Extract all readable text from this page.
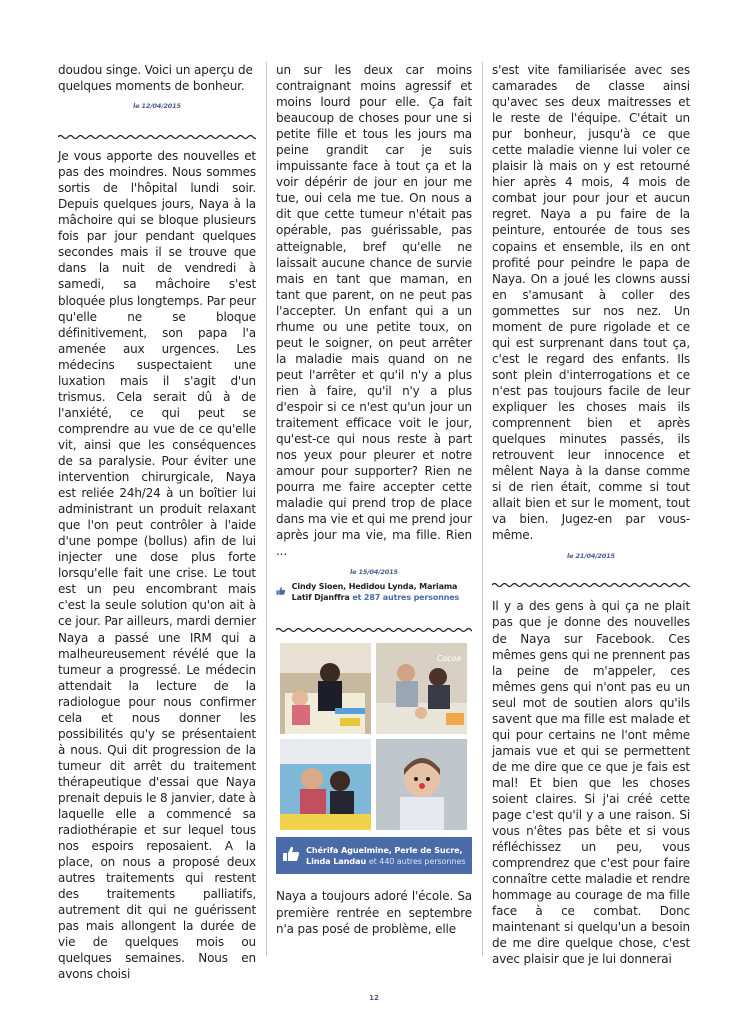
doudou singe. Voici un aperçu de quelques moments de bonheur.

le 12/04/2015

Je vous apporte des nouvelles et pas des moindres. Nous sommes sortis de l'hôpital lundi soir. Depuis quelques jours, Naya à la mâchoire qui se bloque plusieurs fois par jour pendant quelques secondes mais il se trouve que dans la nuit de vendredi à samedi, sa mâchoire s'est bloquée plus longtemps. Par peur qu'elle ne se bloque définitivement, son papa l'a amenée aux urgences. Les médecins suspectaient une luxation mais il s'agit d'un trismus. Cela serait dû à de l'anxiété, ce qui peut se comprendre au vue de ce qu'elle vit, ainsi que les conséquences de sa paralysie. Pour éviter une intervention chirurgicale, Naya est reliée 24h/24 à un boîtier lui administrant un produit relaxant que l'on peut contrôler à l'aide d'une pompe (bollus) afin de lui injecter une dose plus forte lorsqu'elle fait une crise. Le tout est un peu encombrant mais c'est la seule solution qu'on ait à ce jour. Par ailleurs, mardi dernier Naya a passé une IRM qui a malheureusement révélé que la tumeur a progressé. Le médecin attendait la lecture de la radiologue pour nous confirmer cela et nous donner les possibilités qu'y se présentaient à nous. Qui dit progression de la tumeur dit arrêt du traitement thérapeutique d'essai que Naya prenait depuis le 8 janvier, date à laquelle elle a commencé sa radiothérapie et sur lequel tous nos espoirs reposaient. A la place, on nous a proposé deux autres traitements qui restent des traitements palliatifs, autrement dit qui ne guérissent pas mais allongent la durée de vie de quelques mois ou quelques semaines. Nous en avons choisi

un sur les deux car moins contraignant moins agressif et moins lourd pour elle. Ça fait beaucoup de choses pour une si petite fille et tous les jours ma peine grandit car je suis impuissante face à tout ça et la voir dépérir de jour en jour me tue, oui cela me tue. On nous a dit que cette tumeur n'était pas opérable, pas guérissable, pas atteignable, bref qu'elle ne laissait aucune chance de survie mais en tant que maman, en tant que parent, on ne peut pas l'accepter. Un enfant qui a un rhume ou une petite toux, on peut le soigner, on peut arrêter la maladie mais quand on ne peut l'arrêter et qu'il n'y a plus rien à faire, qu'il n'y a plus d'espoir si ce n'est qu'un jour un traitement efficace voit le jour, qu'est-ce qui nous reste à part nos yeux pour pleurer et notre amour pour supporter? Rien ne pourra me faire accepter cette maladie qui prend trop de place dans ma vie et qui me prend jour après jour ma vie, ma fille. Rien ...

le 15/04/2015
Cindy Sioen, Hedidou Lynda, Mariama Latif Djanffra et 287 autres personnes
Cocoa
Chérifa Aguelmine, Perle de Sucre, Linda Landau et 440 autres personnes

Naya a toujours adoré l'école. Sa première rentrée en septembre n'a pas posé de problème, elle

s'est vite familiarisée avec ses camarades de classe ainsi qu'avec ses deux maitresses et le reste de l'équipe. C'était un pur bonheur, jusqu'à ce que cette maladie vienne lui voler ce plaisir là mais on y est retourné hier après 4 mois, 4 mois de combat jour pour jour et aucun regret. Naya a pu faire de la peinture, entourée de tous ses copains et ensemble, ils en ont profité pour peindre le papa de Naya. On a joué les clowns aussi en s'amusant à coller des gommettes sur nos nez. Un moment de pure rigolade et ce qui est surprenant dans tout ça, c'est le regard des enfants. Ils sont plein d'interrogations et ce n'est pas toujours facile de leur expliquer les choses mais ils comprennent bien et après quelques minutes passés, ils retrouvent leur innocence et mêlent Naya à la danse comme si de rien était, comme si tout allait bien et sur le moment, tout va bien. Jugez-en par vous-même.

le 21/04/2015

Il y a des gens à qui ça ne plait pas que je donne des nouvelles de Naya sur Facebook. Ces mêmes gens qui ne prennent pas la peine de m'appeler, ces mêmes gens qui n'ont pas eu un seul mot de soutien alors qu'ils savent que ma fille est malade et qui pour certains ne l'ont même jamais vue et qui se permettent de me dire que ce que je fais est mal! Et bien que les choses soient claires. Si j'ai créé cette page c'est qu'il y a une raison. Si vous n'êtes pas bête et si vous réfléchissez un peu, vous comprendrez que c'est pour faire connaître cette maladie et rendre hommage au courage de ma fille face à ce combat. Donc maintenant si quelqu'un a besoin de me dire quelque chose, c'est avec plaisir que je lui donnerai

12
